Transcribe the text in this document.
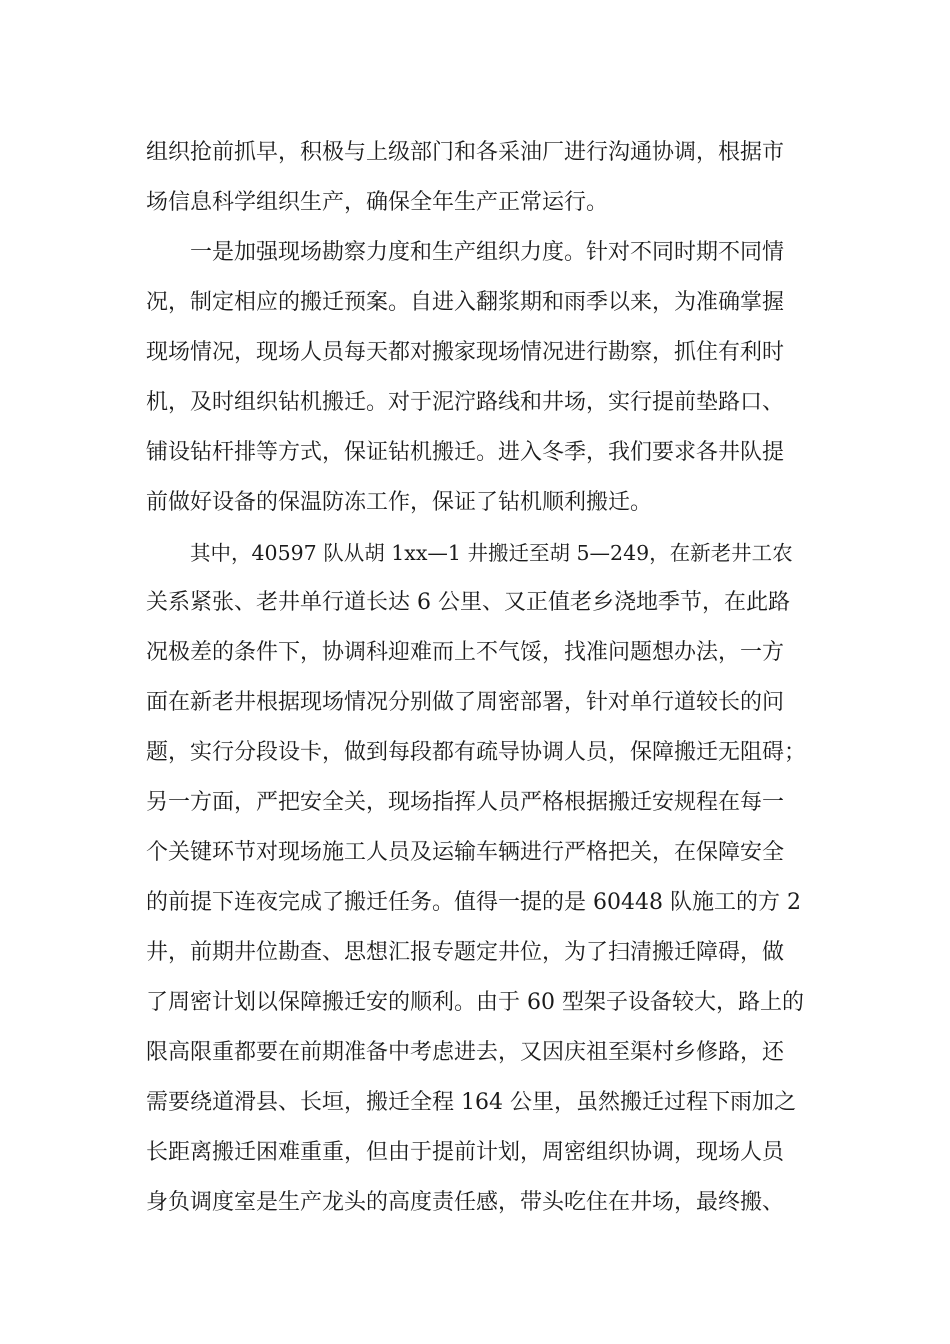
组织抢前抓早，积极与上级部门和各采油厂进行沟通协调，根据市
场信息科学组织生产，确保全年生产正常运行。
一是加强现场勘察力度和生产组织力度。针对不同时期不同情
况，制定相应的搬迁预案。自进入翻浆期和雨季以来，为准确掌握
现场情况，现场人员每天都对搬家现场情况进行勘察，抓住有利时
机，及时组织钻机搬迁。对于泥泞路线和井场，实行提前垫路口、
铺设钻杆排等方式，保证钻机搬迁。进入冬季，我们要求各井队提
前做好设备的保温防冻工作，保证了钻机顺利搬迁。
其中，40597 队从胡 1xx—1 井搬迁至胡 5—249，在新老井工农
关系紧张、老井单行道长达 6 公里、又正值老乡浇地季节，在此路
况极差的条件下，协调科迎难而上不气馁，找准问题想办法，一方
面在新老井根据现场情况分别做了周密部署，针对单行道较长的问
题，实行分段设卡，做到每段都有疏导协调人员，保障搬迁无阻碍；
另一方面，严把安全关，现场指挥人员严格根据搬迁安规程在每一
个关键环节对现场施工人员及运输车辆进行严格把关，在保障安全
的前提下连夜完成了搬迁任务。值得一提的是 60448 队施工的方 2
井，前期井位勘查、思想汇报专题定井位，为了扫清搬迁障碍，做
了周密计划以保障搬迁安的顺利。由于 60 型架子设备较大，路上的
限高限重都要在前期准备中考虑进去，又因庆祖至渠村乡修路，还
需要绕道滑县、长垣，搬迁全程 164 公里，虽然搬迁过程下雨加之
长距离搬迁困难重重，但由于提前计划，周密组织协调，现场人员
身负调度室是生产龙头的高度责任感，带头吃住在井场，最终搬、
